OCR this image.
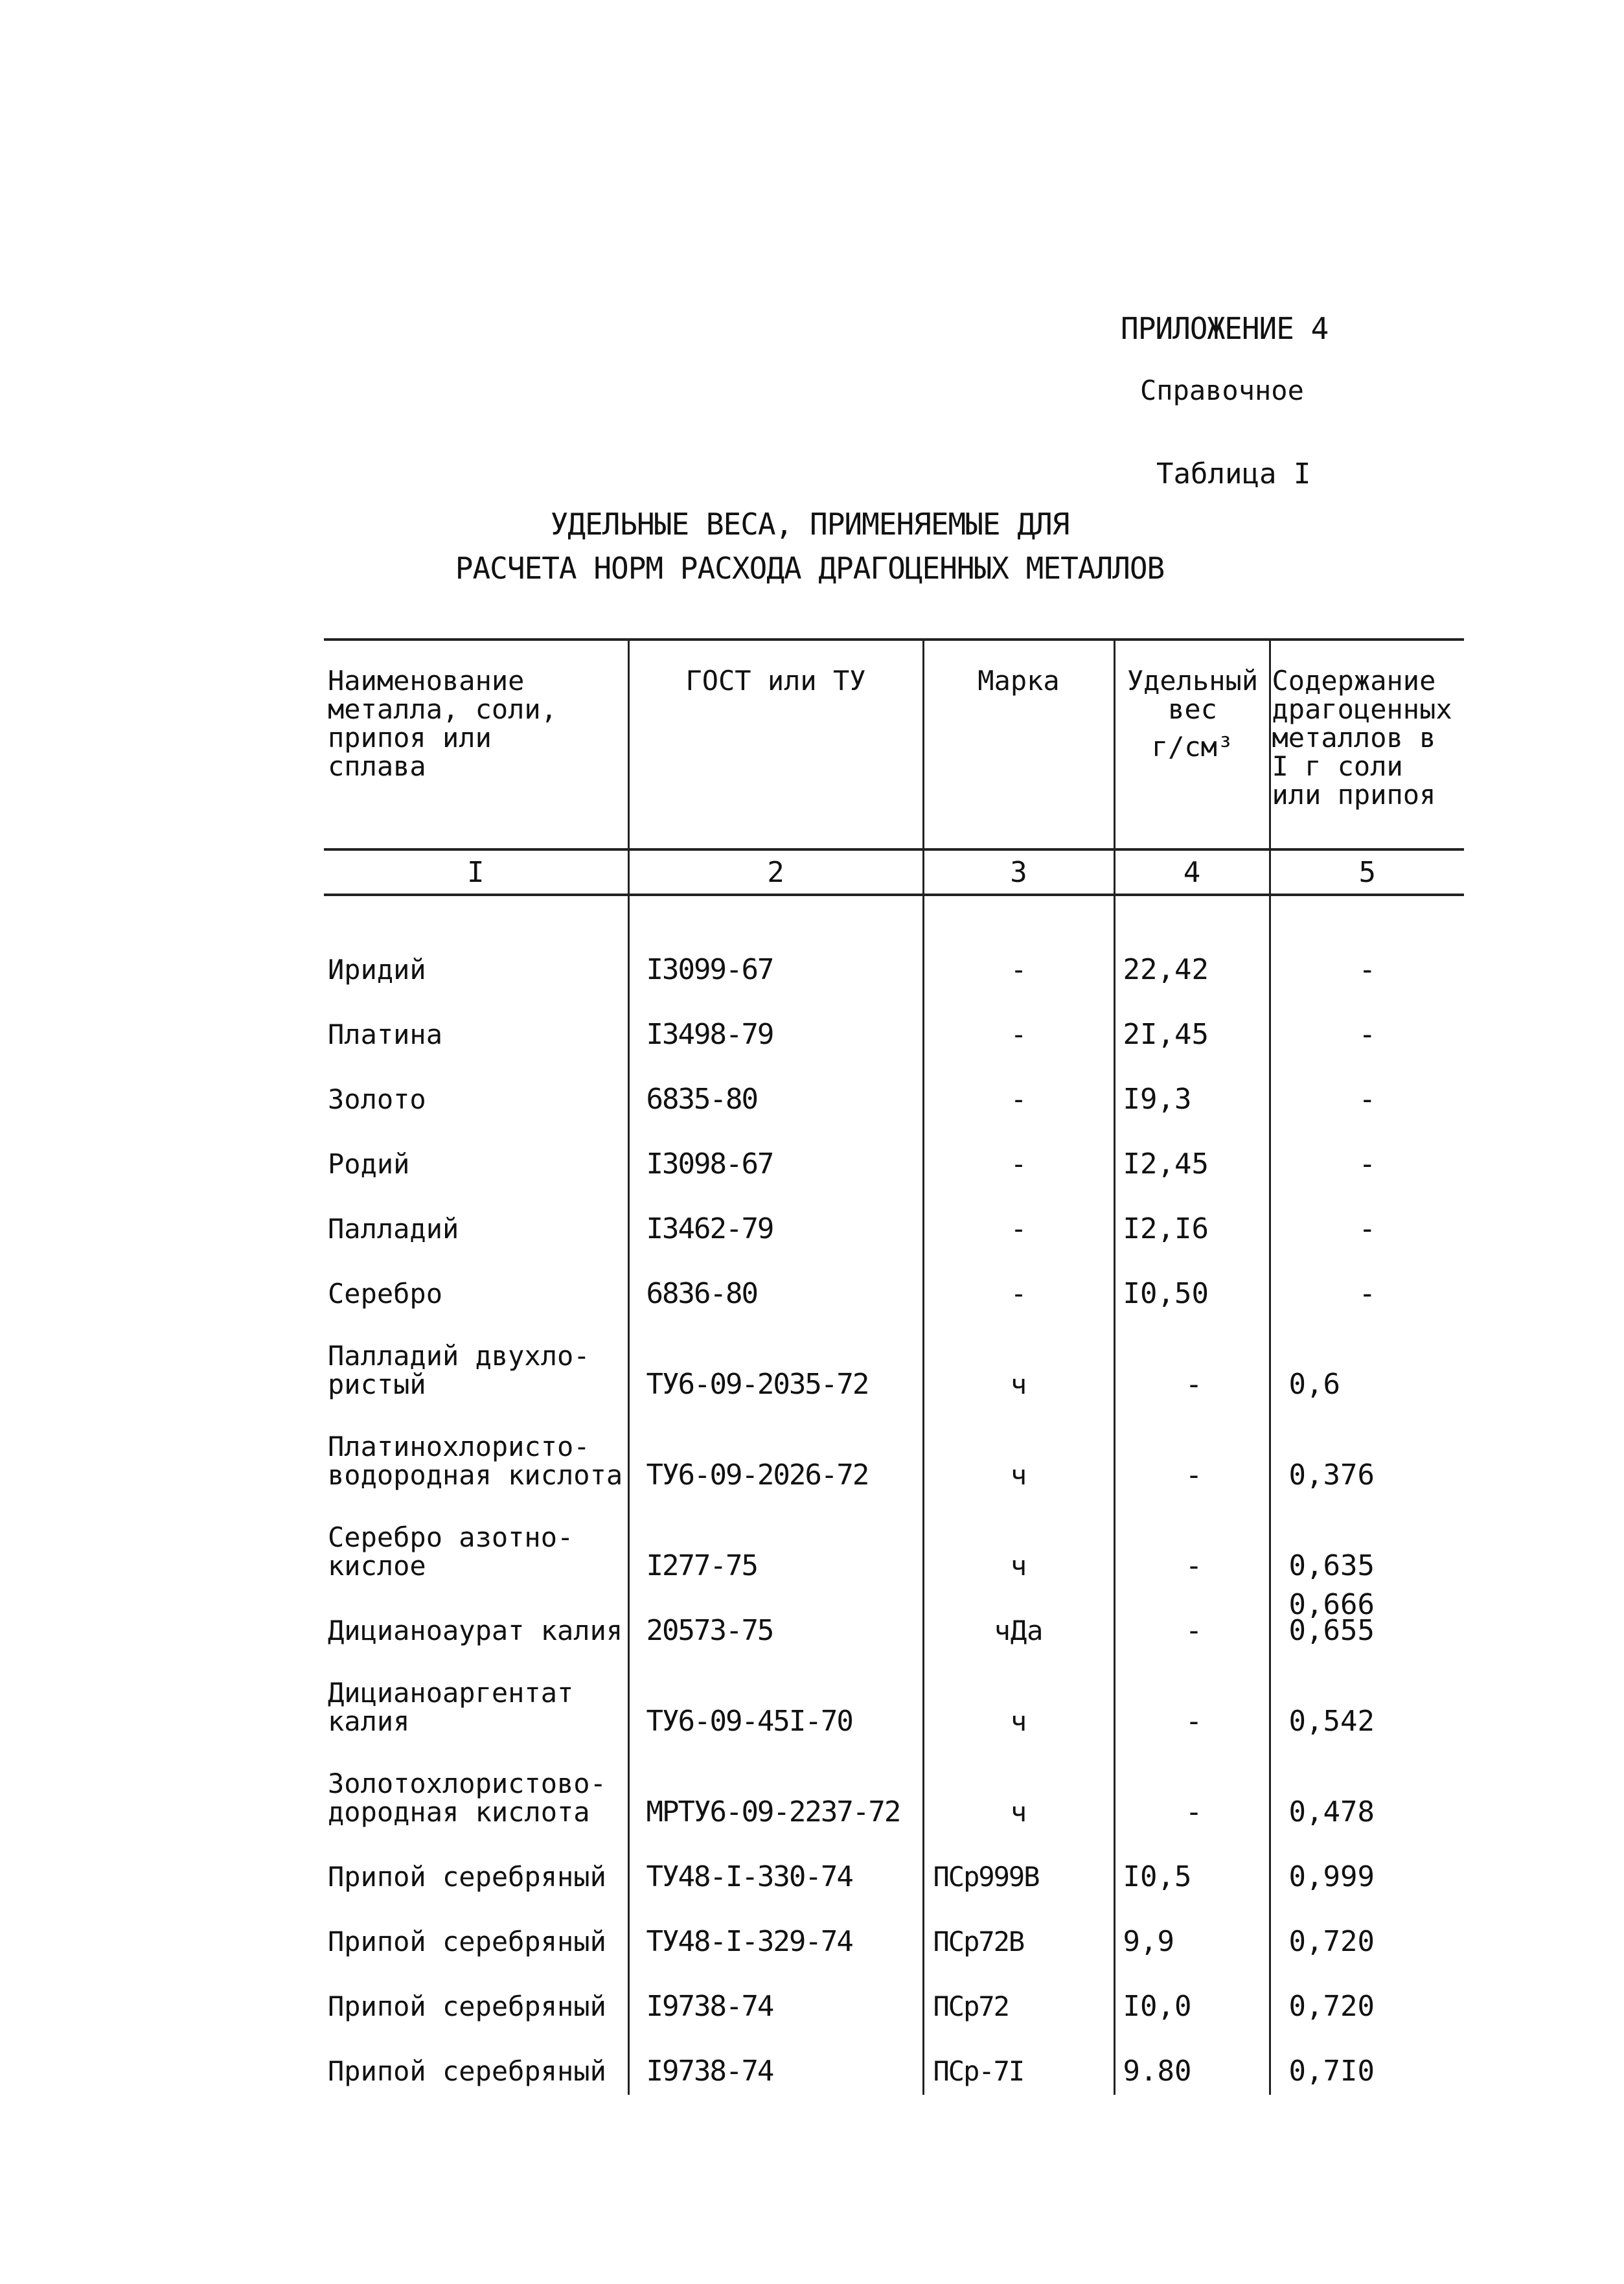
ПРИЛОЖЕНИЕ 4
Справочное
Таблица I
УДЕЛЬНЫЕ ВЕСА, ПРИМЕНЯЕМЫЕ ДЛЯ
РАСЧЕТА НОРМ РАСХОДА ДРАГОЦЕННЫХ МЕТАЛЛОВ
Наименование
металла, соли,
припоя или
сплава	ГОСТ или ТУ	Марка	Удельный
вес
г/см³	Содержание
драгоценных
металлов в
I г соли
или припоя

I	2	3	4	5

Иридий	I3099-67	-	22,42	-

Платина	I3498-79	-	2I,45	-

Золото	6835-80	-	I9,3	-

Родий	I3098-67	-	I2,45	-

Палладий	I3462-79	-	I2,I6	-

Серебро	6836-80	-	I0,50	-

Палладий двухло-
ристый	ТУ6-09-2035-72	ч	-	0,6

Платинохлористо-
водородная кислота	ТУ6-09-2026-72	ч	-	0,376

Серебро азотно-
кислое	I277-75	ч	-	0,635

Дицианоаурат калия	20573-75	чДа	-	0,666
0,655

Дицианоаргентат
калия	ТУ6-09-45I-70	ч	-	0,542

Золотохлористово-
дородная кислота	МРТУ6-09-2237-72	ч	-	0,478

Припой серебряный	ТУ48-I-330-74	ПСр999В	I0,5	0,999

Припой серебряный	ТУ48-I-329-74	ПСр72В	9,9	0,720

Припой серебряный	I9738-74	ПСр72	I0,0	0,720

Припой серебряный	I9738-74	ПСр-7I	9.80	0,7I0
